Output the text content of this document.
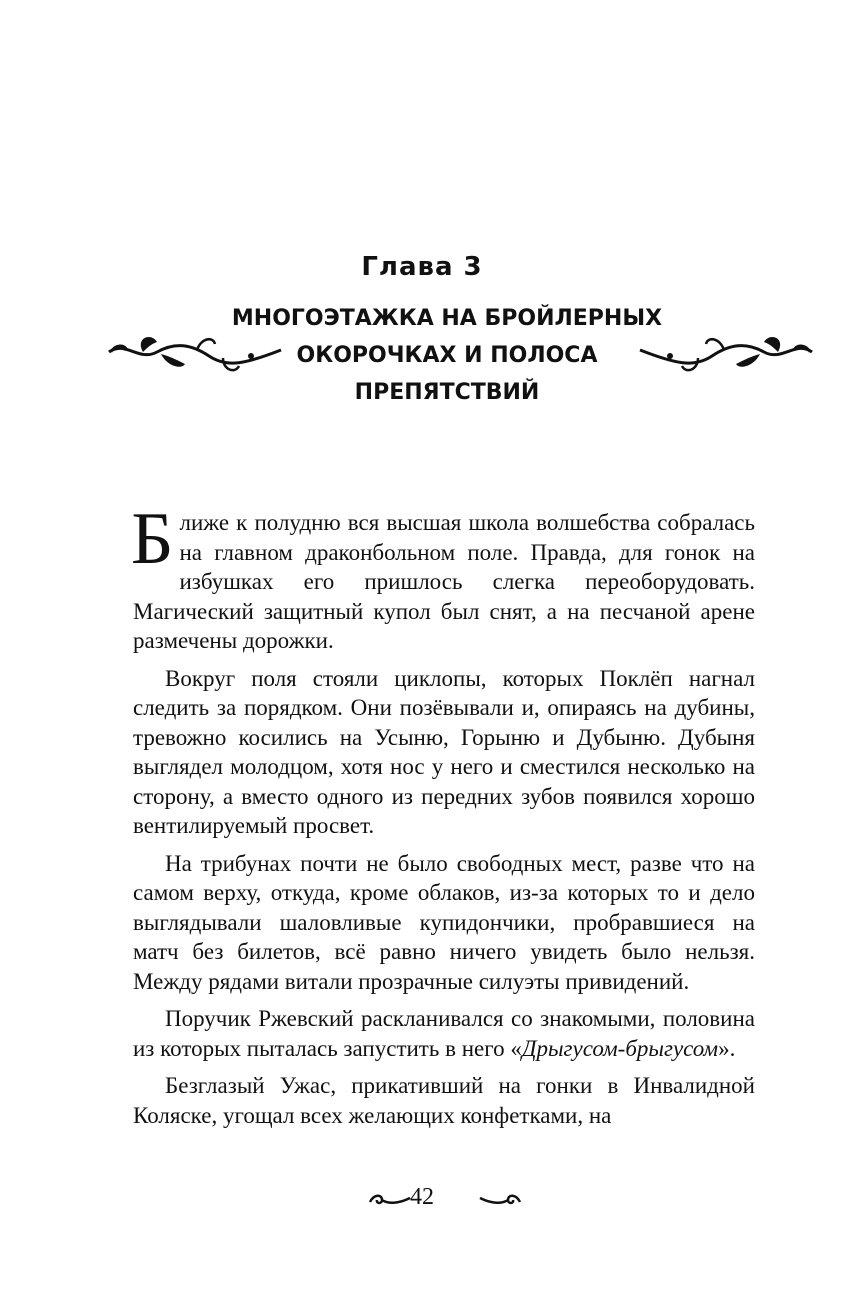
Глава 3
МНОГОЭТАЖКА НА БРОЙЛЕРНЫХ
ОКОРОЧКАХ И ПОЛОСА
ПРЕПЯТСТВИЙ

Ближе к полудню вся высшая школа волшебства собралась на главном драконбольном поле. Правда, для гонок на избушках его пришлось слегка переоборудовать. Магический защитный купол был снят, а на песчаной арене размечены дорожки.

Вокруг поля стояли циклопы, которых Поклёп нагнал следить за порядком. Они позёвывали и, опираясь на дубины, тревожно косились на Усыню, Горыню и Дубыню. Дубыня выглядел молодцом, хотя нос у него и сместился несколько на сторону, а вместо одного из передних зубов появился хорошо вентилируемый просвет.

На трибунах почти не было свободных мест, разве что на самом верху, откуда, кроме облаков, из-за которых то и дело выглядывали шаловливые купидончики, пробравшиеся на матч без билетов, всё равно ничего увидеть было нельзя. Между рядами витали прозрачные силуэты привидений.

Поручик Ржевский раскланивался со знакомыми, половина из которых пыталась запустить в него «Дрыгусом-брыгусом».

Безглазый Ужас, прикативший на гонки в Инвалидной Коляске, угощал всех желающих конфетками, на

42
